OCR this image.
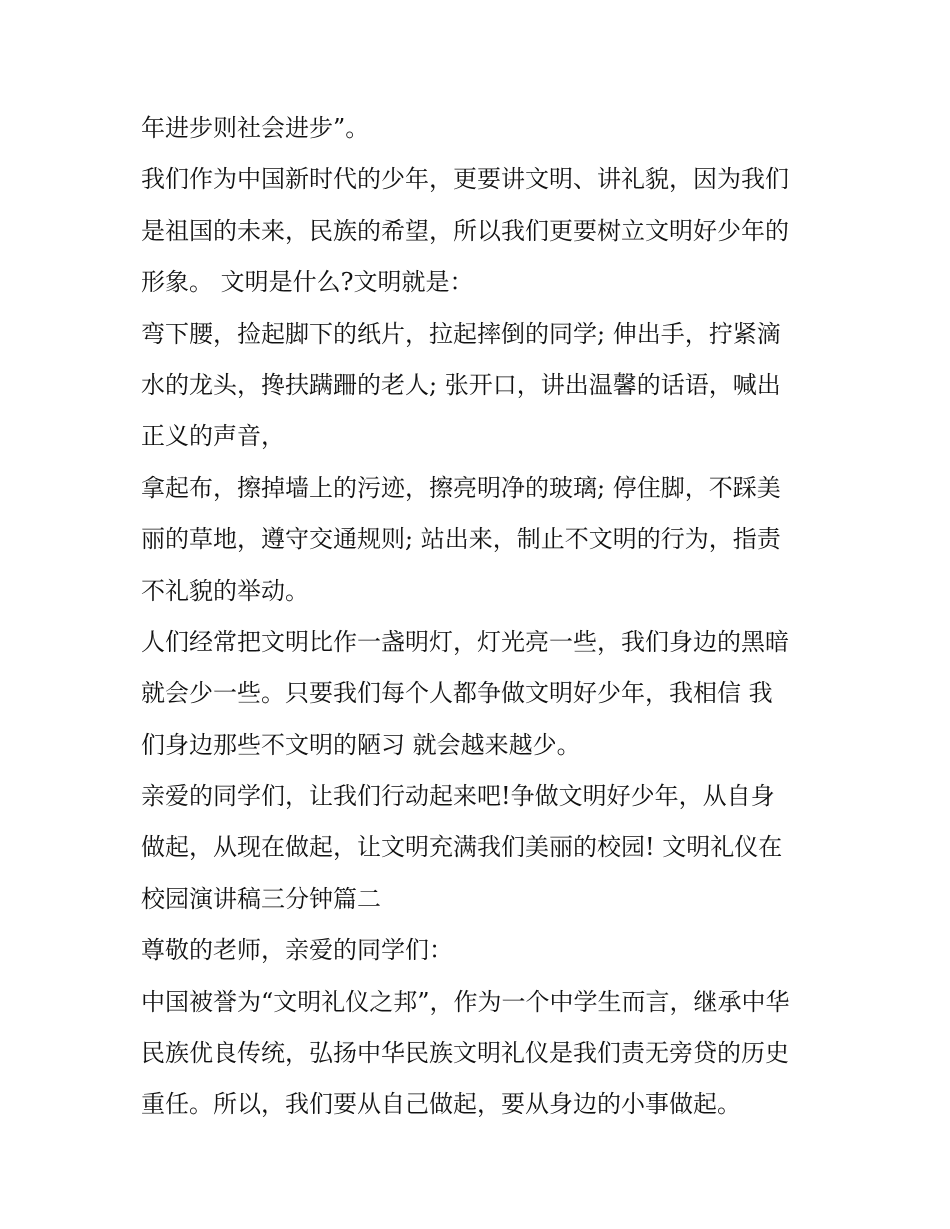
年进步则社会进步”。
我们作为中国新时代的少年，更要讲文明、讲礼貌，因为我们
是祖国的未来，民族的希望，所以我们更要树立文明好少年的
形象。 文明是什么?文明就是：
弯下腰，捡起脚下的纸片，拉起摔倒的同学; 伸出手，拧紧滴
水的龙头，搀扶蹒跚的老人; 张开口，讲出温馨的话语，喊出
正义的声音，
拿起布，擦掉墙上的污迹，擦亮明净的玻璃; 停住脚，不踩美
丽的草地，遵守交通规则; 站出来，制止不文明的行为，指责
不礼貌的举动。
人们经常把文明比作一盏明灯，灯光亮一些，我们身边的黑暗
就会少一些。只要我们每个人都争做文明好少年，我相信 我
们身边那些不文明的陋习 就会越来越少。
亲爱的同学们，让我们行动起来吧!争做文明好少年，从自身
做起，从现在做起，让文明充满我们美丽的校园! 文明礼仪在
校园演讲稿三分钟篇二
尊敬的老师，亲爱的同学们：
中国被誉为“文明礼仪之邦”，作为一个中学生而言，继承中华
民族优良传统，弘扬中华民族文明礼仪是我们责无旁贷的历史
重任。所以，我们要从自己做起，要从身边的小事做起。
